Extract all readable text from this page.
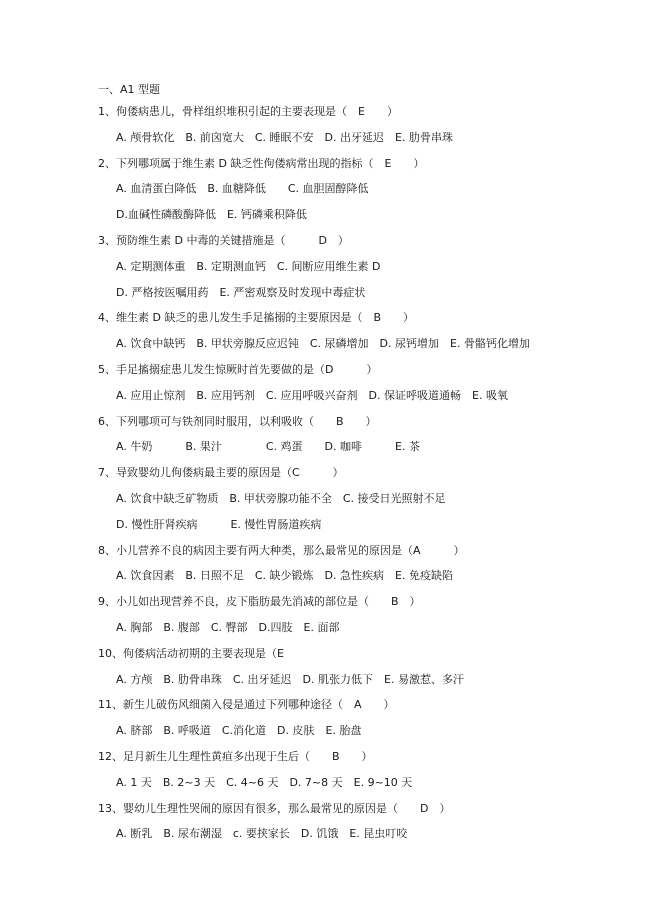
一、A1 型题
1、佝偻病患儿，骨样组织堆积引起的主要表现是（　E　　）
A. 颅骨软化　B. 前囟宽大　C. 睡眠不安　D. 出牙延迟　E. 肋骨串珠
2、下列哪项属于维生素 D 缺乏性佝偻病常出现的指标（　E　　）
A. 血清蛋白降低　B. 血糖降低　　C. 血胆固醇降低
D.血碱性磷酸酶降低　E. 钙磷乘积降低
3、预防维生素 D 中毒的关键措施是（　　　D　）
A. 定期测体重　B. 定期测血钙　C. 间断应用维生素 D
D. 严格按医嘱用药　E. 严密观察及时发现中毒症状
4、维生素 D 缺乏的患儿发生手足搐搦的主要原因是（　B　　）
A. 饮食中缺钙　B. 甲状旁腺反应迟钝　C. 尿磷增加　D. 尿钙增加　E. 骨骼钙化增加
5、手足搐搦症患儿发生惊厥时首先要做的是（D　　　）
A. 应用止惊剂　B. 应用钙剂　C. 应用呼吸兴奋剂　D. 保证呼吸道通畅　E. 吸氧
6、下列哪项可与铁剂同时服用，以利吸收（　　B　　）
A. 牛奶　　　B. 果汁　　　　C. 鸡蛋　　D. 咖啡　　　E. 茶
7、导致婴幼儿佝偻病最主要的原因是（C　　　）
A. 饮食中缺乏矿物质　B. 甲状旁腺功能不全　C. 接受日光照射不足
D. 慢性肝肾疾病　　　E. 慢性胃肠道疾病
8、小儿营养不良的病因主要有两大种类，那么最常见的原因是（A　　　）
A. 饮食因素　B. 日照不足　C. 缺少锻炼　D. 急性疾病　E. 免疫缺陷
9、小儿如出现营养不良，皮下脂肪最先消减的部位是（　　B　）
A. 胸部　B. 腹部　C. 臀部　D.四肢　E. 面部
10、佝偻病活动初期的主要表现是（E
A. 方颅　B. 肋骨串珠　C. 出牙延迟　D. 肌张力低下　E. 易激惹、多汗
11、新生儿破伤风细菌入侵是通过下列哪种途径（　A　　）
A. 脐部　B. 呼吸道　C.消化道　D. 皮肤　E. 胎盘
12、足月新生儿生理性黄疸多出现于生后（　　B　　）
A. 1 天　B. 2~3 天　C. 4~6 天　D. 7~8 天　E. 9~10 天
13、婴幼儿生理性哭闹的原因有很多，那么最常见的原因是（　　D　）
A. 断乳　B. 尿布潮湿　c. 要挟家长　D. 饥饿　E. 昆虫叮咬
